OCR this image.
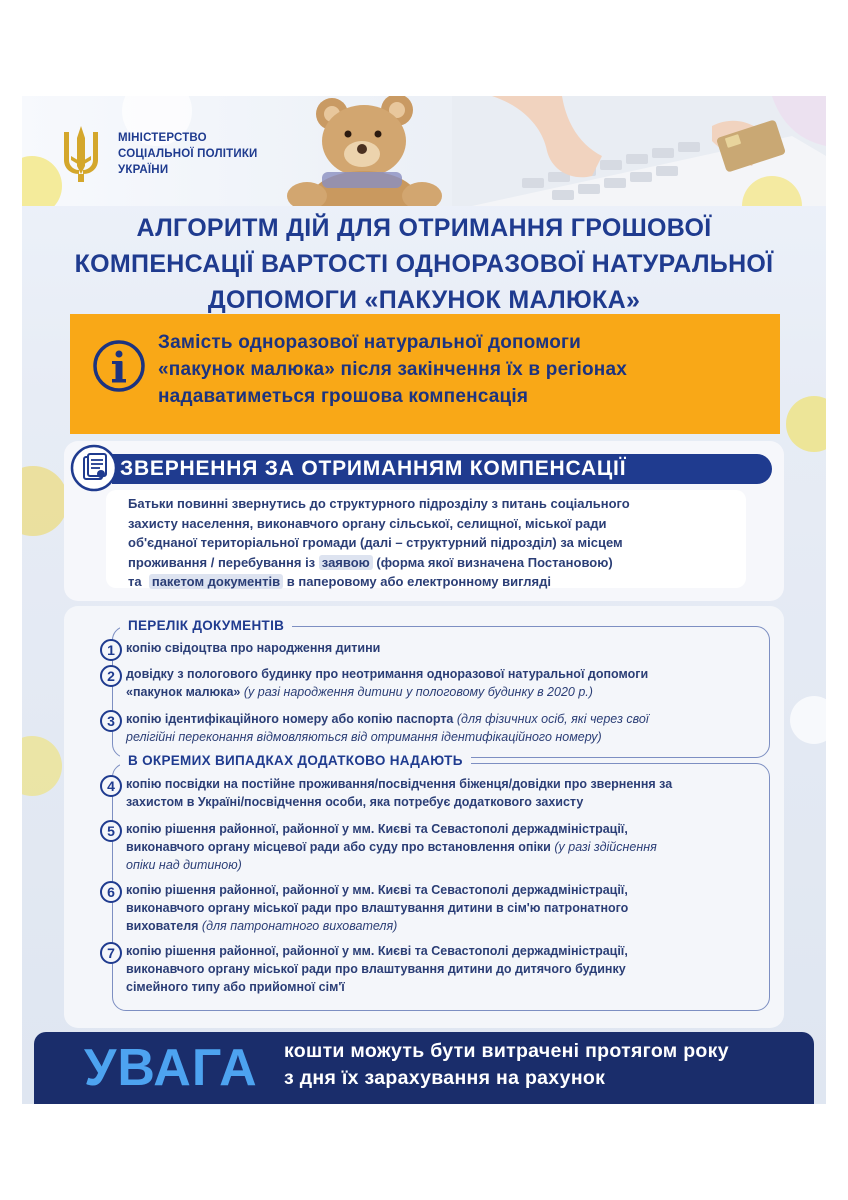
МІНІСТЕРСТВО
СОЦІАЛЬНОЇ ПОЛІТИКИ
УКРАЇНИ
АЛГОРИТМ ДІЙ ДЛЯ ОТРИМАННЯ ГРОШОВОЇ
КОМПЕНСАЦІЇ ВАРТОСТІ ОДНОРАЗОВОЇ НАТУРАЛЬНОЇ
ДОПОМОГИ «ПАКУНОК МАЛЮКА»
Замість одноразової натуральної допомоги
«пакунок малюка» після закінчення їх в регіонах
надаватиметься грошова компенсація
ЗВЕРНЕННЯ ЗА ОТРИМАННЯМ КОМПЕНСАЦІЇ
Батьки повинні звернутись до структурного підрозділу з питань соціального
захисту населення, виконавчого органу сільської, селищної, міської ради
об'єднаної територіальної громади (далі – структурний підрозділ) за місцем
проживання / перебування із заявою (форма якої визначена Постановою)
та пакетом документів в паперовому або електронному вигляді
ПЕРЕЛІК ДОКУМЕНТІВ
1 копію свідоцтва про народження дитини
2 довідку з пологового будинку про неотримання одноразової натуральної допомоги
«пакунок малюка» (у разі народження дитини у пологовому будинку в 2020 р.)
3 копію ідентифікаційного номеру або копію паспорта (для фізичних осіб, які через свої
релігійні переконання відмовляються від отримання ідентифікаційного номеру)
В ОКРЕМИХ ВИПАДКАХ ДОДАТКОВО НАДАЮТЬ
4 копію посвідки на постійне проживання/посвідчення біженця/довідки про звернення за
захистом в Україні/посвідчення особи, яка потребує додаткового захисту
5 копію рішення районної, районної у мм. Києві та Севастополі держадміністрації,
виконавчого органу місцевої ради або суду про встановлення опіки (у разі здійснення
опіки над дитиною)
6 копію рішення районної, районної у мм. Києві та Севастополі держадміністрації,
виконавчого органу міської ради про влаштування дитини в сім'ю патронатного
вихователя (для патронатного вихователя)
7 копію рішення районної, районної у мм. Києві та Севастополі держадміністрації,
виконавчого органу міської ради про влаштування дитини до дитячого будинку
сімейного типу або прийомної сім'ї
УВАГА кошти можуть бути витрачені протягом року
з дня їх зарахування на рахунок
